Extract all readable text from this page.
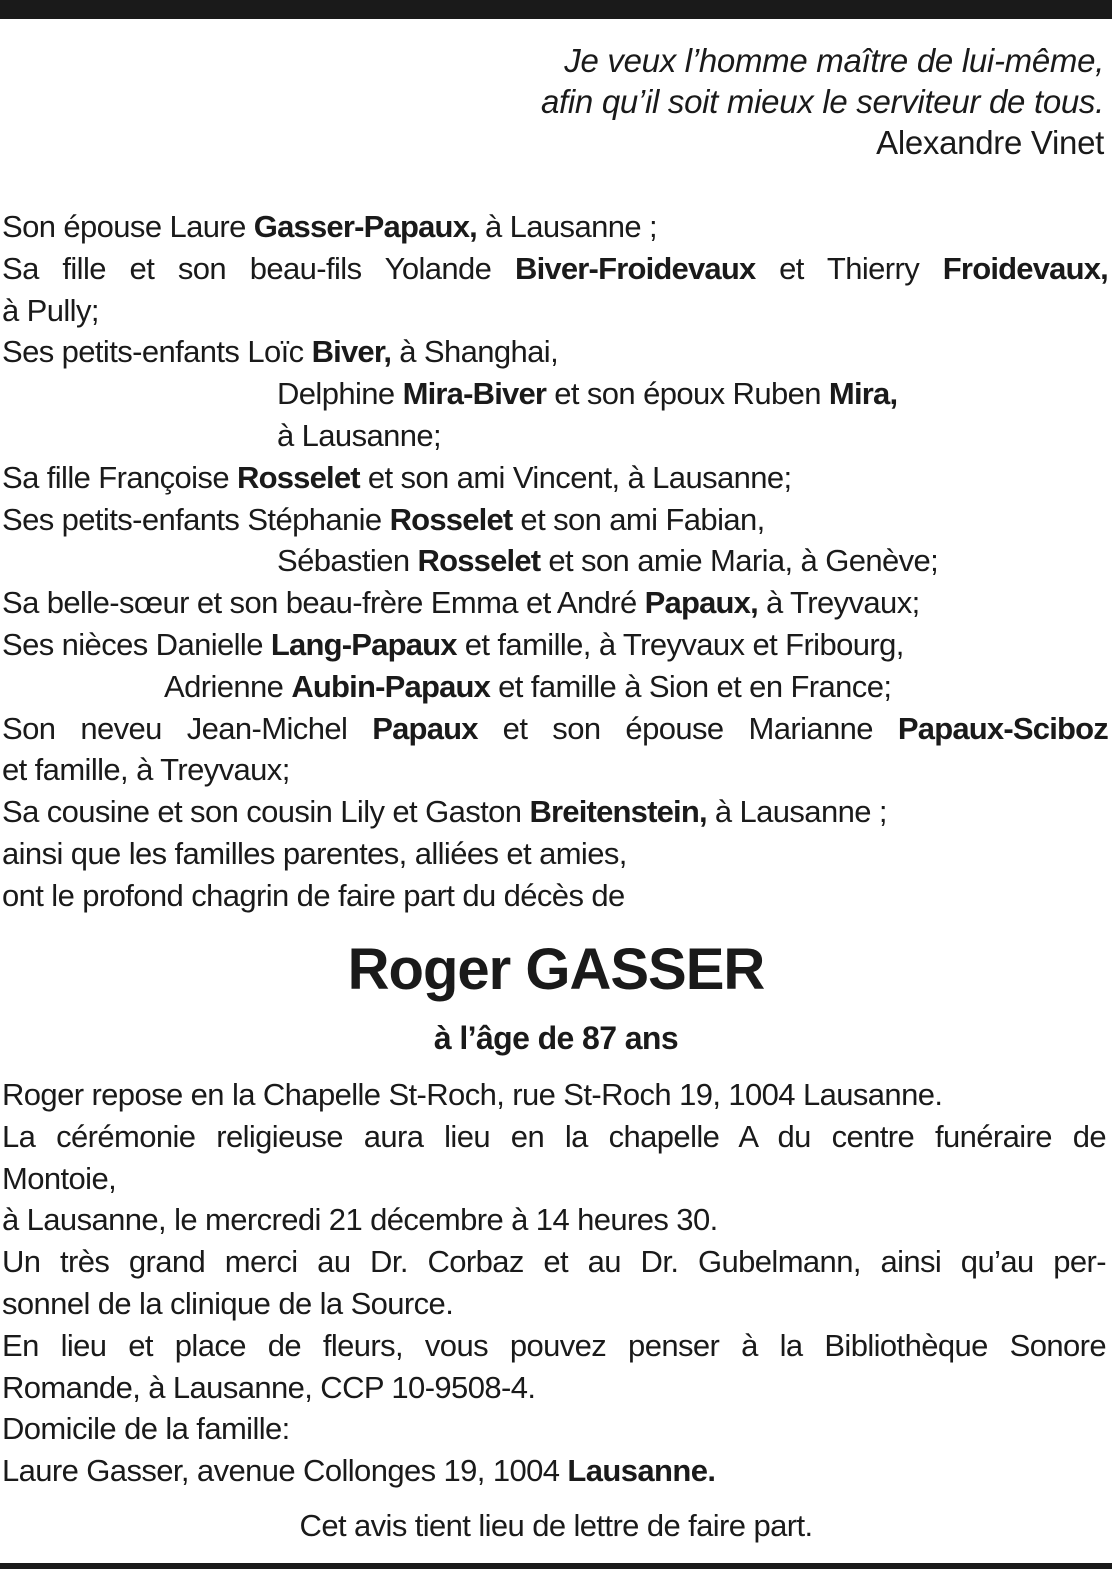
Je veux l’homme maître de lui-même,
afin qu’il soit mieux le serviteur de tous.
Alexandre Vinet
Son épouse Laure Gasser-Papaux, à Lausanne ;
Sa fille et son beau-fils Yolande Biver-Froidevaux et Thierry Froidevaux,
à Pully;
Ses petits-enfants Loïc Biver, à Shanghai,
Delphine Mira-Biver et son époux Ruben Mira,
à Lausanne;
Sa fille Françoise Rosselet et son ami Vincent, à Lausanne;
Ses petits-enfants Stéphanie Rosselet et son ami Fabian,
Sébastien Rosselet et son amie Maria, à Genève;
Sa belle-sœur et son beau-frère Emma et André Papaux, à Treyvaux;
Ses nièces Danielle Lang-Papaux et famille, à Treyvaux et Fribourg,
Adrienne Aubin-Papaux et famille à Sion et en France;
Son neveu Jean-Michel Papaux et son épouse Marianne Papaux-Sciboz
et famille, à Treyvaux;
Sa cousine et son cousin Lily et Gaston Breitenstein, à Lausanne ;
ainsi que les familles parentes, alliées et amies,
ont le profond chagrin de faire part du décès de
Roger GASSER
à l’âge de 87 ans
Roger repose en la Chapelle St-Roch, rue St-Roch 19, 1004 Lausanne.
La cérémonie religieuse aura lieu en la chapelle A du centre funéraire de
Montoie,
à Lausanne, le mercredi 21 décembre à 14 heures 30.
Un très grand merci au Dr. Corbaz et au Dr. Gubelmann, ainsi qu’au per-
sonnel de la clinique de la Source.
En lieu et place de fleurs, vous pouvez penser à la Bibliothèque Sonore
Romande, à Lausanne, CCP 10-9508-4.
Domicile de la famille:
Laure Gasser, avenue Collonges 19, 1004 Lausanne.
Cet avis tient lieu de lettre de faire part.
